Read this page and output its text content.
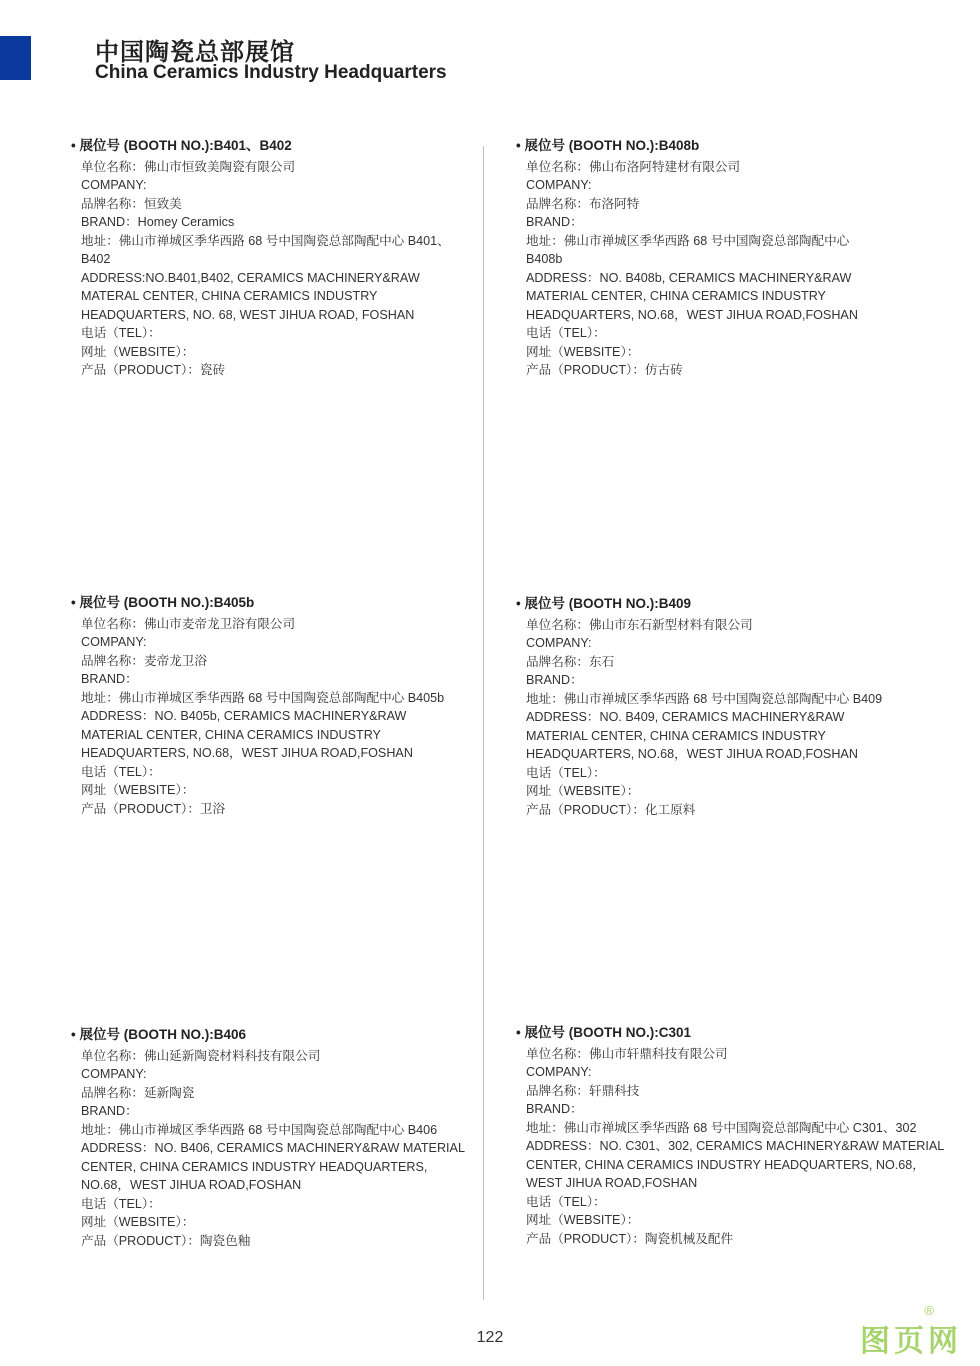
中国陶瓷总部展馆
China Ceramics Industry Headquarters
• 展位号 (BOOTH NO.):B401、B402
单位名称：佛山市恒致美陶瓷有限公司
COMPANY:
品牌名称：恒致美
BRAND：Homey Ceramics
地址：佛山市禅城区季华西路 68 号中国陶瓷总部陶配中心 B401、B402
ADDRESS:NO.B401,B402, CERAMICS MACHINERY&RAW MATERAL CENTER, CHINA CERAMICS INDUSTRY HEADQUARTERS, NO. 68, WEST JIHUA ROAD, FOSHAN
电话（TEL）：
网址（WEBSITE）：
产品（PRODUCT）：瓷砖
• 展位号 (BOOTH NO.):B408b
单位名称：佛山布洛阿特建材有限公司
COMPANY:
品牌名称：布洛阿特
BRAND：
地址：佛山市禅城区季华西路 68 号中国陶瓷总部陶配中心 B408b
ADDRESS：NO. B408b, CERAMICS MACHINERY&RAW MATERIAL CENTER, CHINA CERAMICS INDUSTRY HEADQUARTERS, NO.68，WEST JIHUA ROAD,FOSHAN
电话（TEL）：
网址（WEBSITE）：
产品（PRODUCT）：仿古砖
• 展位号 (BOOTH NO.):B405b
单位名称：佛山市麦帝龙卫浴有限公司
COMPANY:
品牌名称：麦帝龙卫浴
BRAND：
地址：佛山市禅城区季华西路 68 号中国陶瓷总部陶配中心 B405b
ADDRESS：NO. B405b, CERAMICS MACHINERY&RAW MATERIAL CENTER, CHINA CERAMICS INDUSTRY HEADQUARTERS, NO.68，WEST JIHUA ROAD,FOSHAN
电话（TEL）：
网址（WEBSITE）：
产品（PRODUCT）：卫浴
• 展位号 (BOOTH NO.):B409
单位名称：佛山市东石新型材料有限公司
COMPANY:
品牌名称：东石
BRAND：
地址：佛山市禅城区季华西路 68 号中国陶瓷总部陶配中心 B409
ADDRESS：NO. B409, CERAMICS MACHINERY&RAW MATERIAL CENTER, CHINA CERAMICS INDUSTRY HEADQUARTERS, NO.68，WEST JIHUA ROAD,FOSHAN
电话（TEL）：
网址（WEBSITE）：
产品（PRODUCT）：化工原料
• 展位号 (BOOTH NO.):B406
单位名称：佛山延新陶瓷材料科技有限公司
COMPANY:
品牌名称：延新陶瓷
BRAND：
地址：佛山市禅城区季华西路 68 号中国陶瓷总部陶配中心 B406
ADDRESS：NO. B406, CERAMICS MACHINERY&RAW MATERIAL CENTER, CHINA CERAMICS INDUSTRY HEADQUARTERS, NO.68，WEST JIHUA ROAD,FOSHAN
电话（TEL）：
网址（WEBSITE）：
产品（PRODUCT）：陶瓷色釉
• 展位号 (BOOTH NO.):C301
单位名称：佛山市轩鼎科技有限公司
COMPANY:
品牌名称：轩鼎科技
BRAND：
地址：佛山市禅城区季华西路 68 号中国陶瓷总部陶配中心 C301、302
ADDRESS：NO. C301、302, CERAMICS MACHINERY&RAW MATERIAL CENTER, CHINA CERAMICS INDUSTRY HEADQUARTERS, NO.68，WEST JIHUA ROAD,FOSHAN
电话（TEL）：
网址（WEBSITE）：
产品（PRODUCT）：陶瓷机械及配件
122
®
图页网
